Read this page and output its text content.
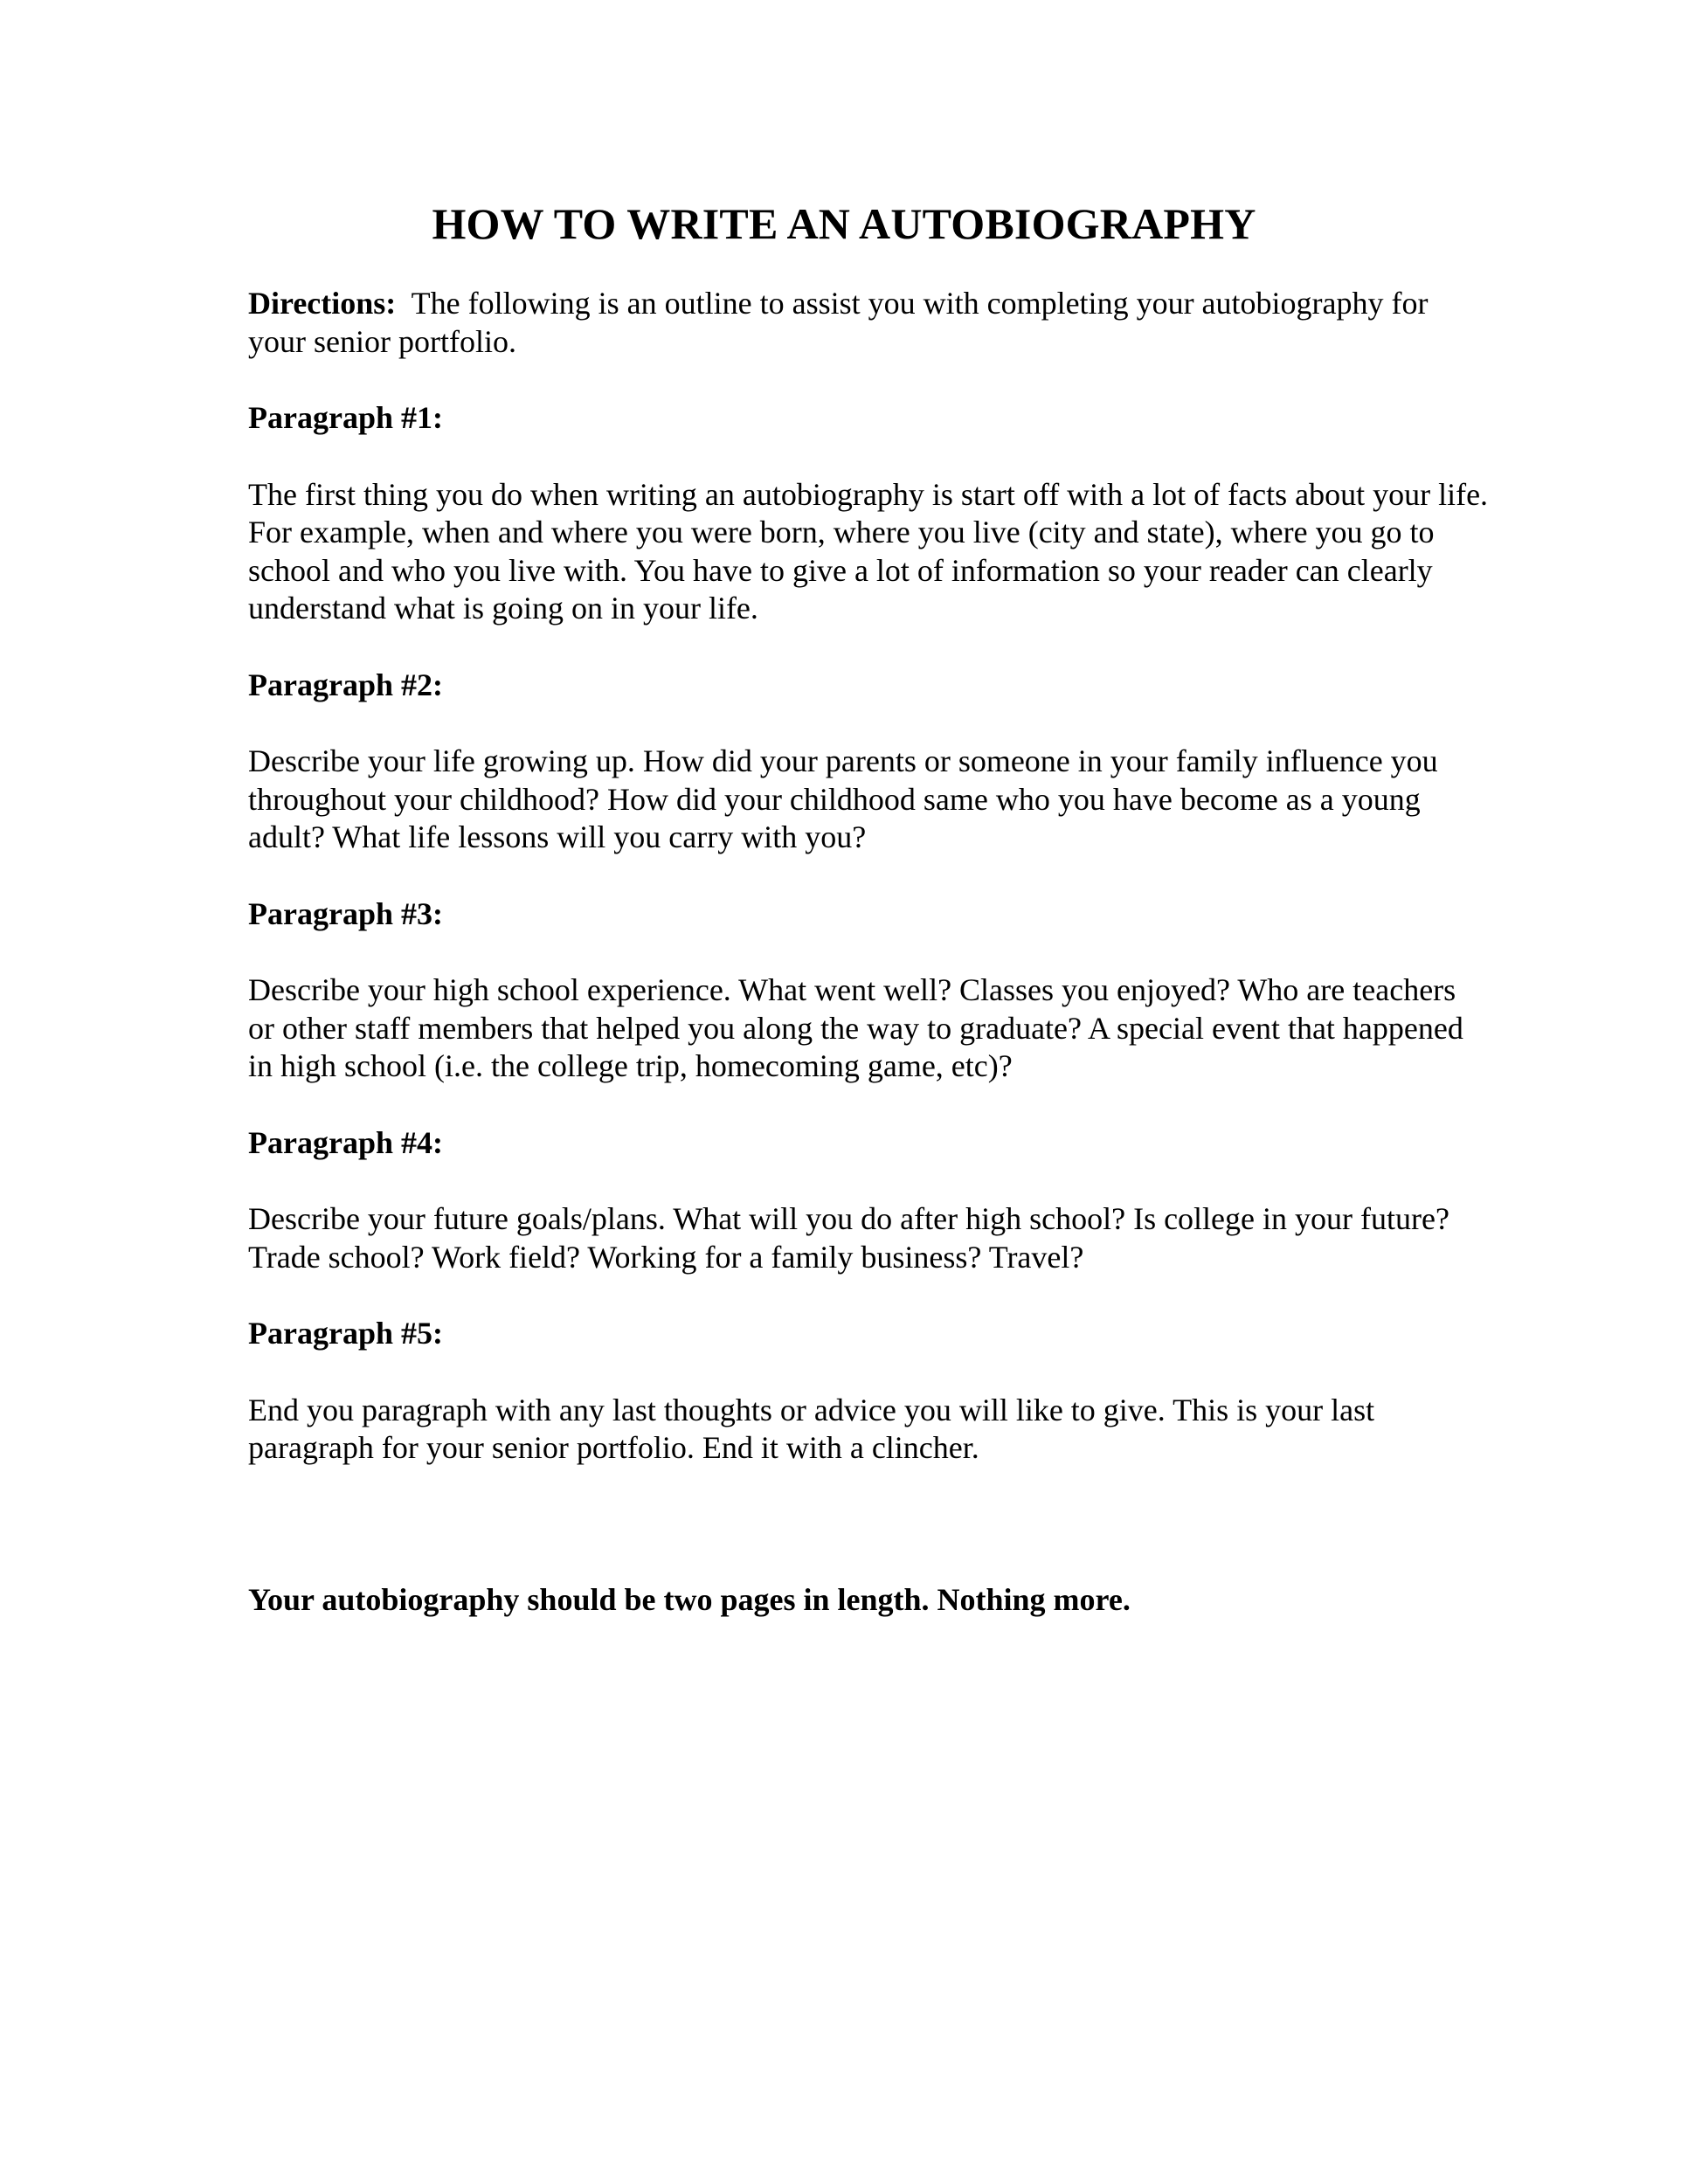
HOW TO WRITE AN AUTOBIOGRAPHY

Directions:  The following is an outline to assist you with completing your autobiography for your senior portfolio.

Paragraph #1:

The first thing you do when writing an autobiography is start off with a lot of facts about your life. For example, when and where you were born, where you live (city and state), where you go to school and who you live with. You have to give a lot of information so your reader can clearly understand what is going on in your life.

Paragraph #2:

Describe your life growing up. How did your parents or someone in your family influence you throughout your childhood? How did your childhood same who you have become as a young adult? What life lessons will you carry with you?

Paragraph #3:

Describe your high school experience. What went well? Classes you enjoyed? Who are teachers or other staff members that helped you along the way to graduate? A special event that happened in high school (i.e. the college trip, homecoming game, etc)?

Paragraph #4:

Describe your future goals/plans. What will you do after high school? Is college in your future? Trade school? Work field? Working for a family business? Travel?

Paragraph #5:

End you paragraph with any last thoughts or advice you will like to give. This is your last paragraph for your senior portfolio. End it with a clincher.

Your autobiography should be two pages in length. Nothing more.
